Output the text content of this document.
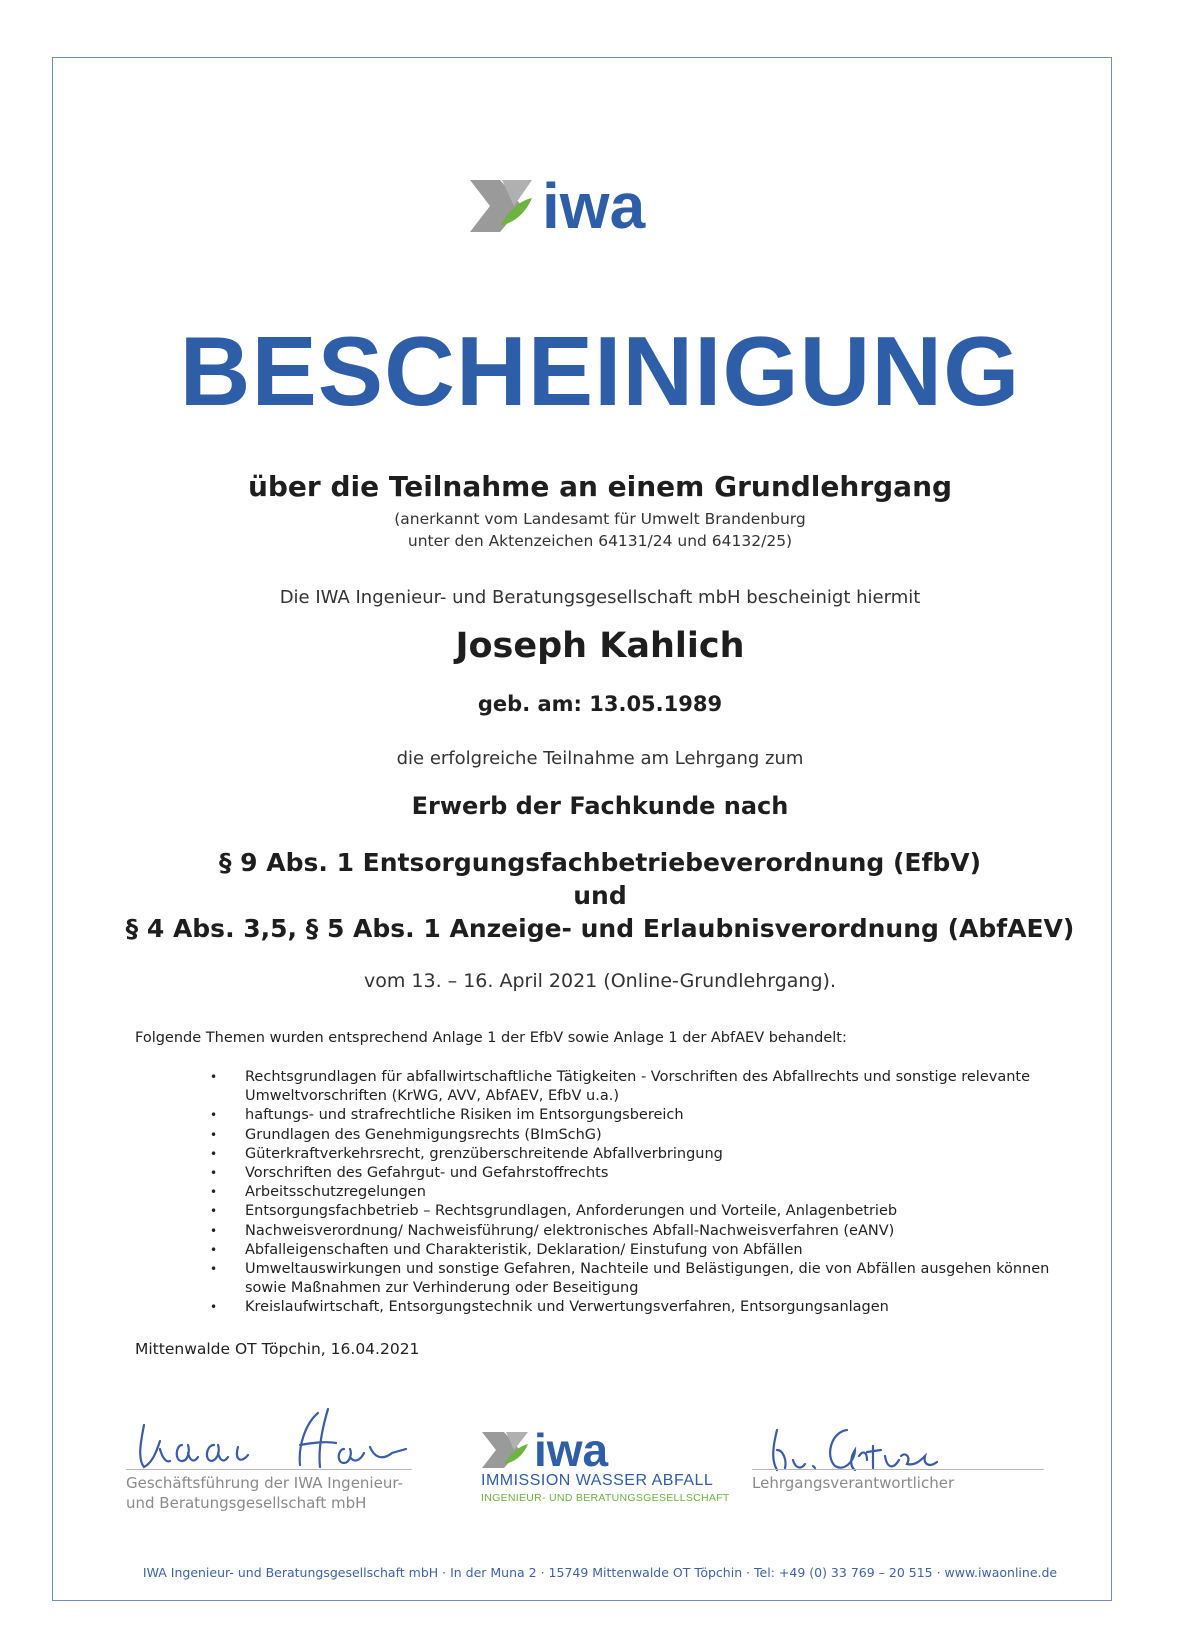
iwa
BESCHEINIGUNG
über die Teilnahme an einem Grundlehrgang
(anerkannt vom Landesamt für Umwelt Brandenburg
unter den Aktenzeichen 64131/24 und 64132/25)
Die IWA Ingenieur- und Beratungsgesellschaft mbH bescheinigt hiermit
Joseph Kahlich
geb. am: 13.05.1989
die erfolgreiche Teilnahme am Lehrgang zum
Erwerb der Fachkunde nach
§ 9 Abs. 1 Entsorgungsfachbetriebeverordnung (EfbV)
und
§ 4 Abs. 3,5, § 5 Abs. 1 Anzeige- und Erlaubnisverordnung (AbfAEV)
vom 13. – 16. April 2021 (Online-Grundlehrgang).
Folgende Themen wurden entsprechend Anlage 1 der EfbV sowie Anlage 1 der AbfAEV behandelt:
• Rechtsgrundlagen für abfallwirtschaftliche Tätigkeiten - Vorschriften des Abfallrechts und sonstige relevante Umweltvorschriften (KrWG, AVV, AbfAEV, EfbV u.a.)
• haftungs- und strafrechtliche Risiken im Entsorgungsbereich
• Grundlagen des Genehmigungsrechts (BImSchG)
• Güterkraftverkehrsrecht, grenzüberschreitende Abfallverbringung
• Vorschriften des Gefahrgut- und Gefahrstoffrechts
• Arbeitsschutzregelungen
• Entsorgungsfachbetrieb – Rechtsgrundlagen, Anforderungen und Vorteile, Anlagenbetrieb
• Nachweisverordnung/ Nachweisführung/ elektronisches Abfall-Nachweisverfahren (eANV)
• Abfalleigenschaften und Charakteristik, Deklaration/ Einstufung von Abfällen
• Umweltauswirkungen und sonstige Gefahren, Nachteile und Belästigungen, die von Abfällen ausgehen können sowie Maßnahmen zur Verhinderung oder Beseitigung
• Kreislaufwirtschaft, Entsorgungstechnik und Verwertungsverfahren, Entsorgungsanlagen
Mittenwalde OT Töpchin, 16.04.2021
Geschäftsführung der IWA Ingenieur-
und Beratungsgesellschaft mbH
iwa
IMMISSION WASSER ABFALL
INGENIEUR- UND BERATUNGSGESELLSCHAFT
Lehrgangsverantwortlicher
IWA Ingenieur- und Beratungsgesellschaft mbH · In der Muna 2 · 15749 Mittenwalde OT Töpchin · Tel: +49 (0) 33 769 – 20 515 · www.iwaonline.de
